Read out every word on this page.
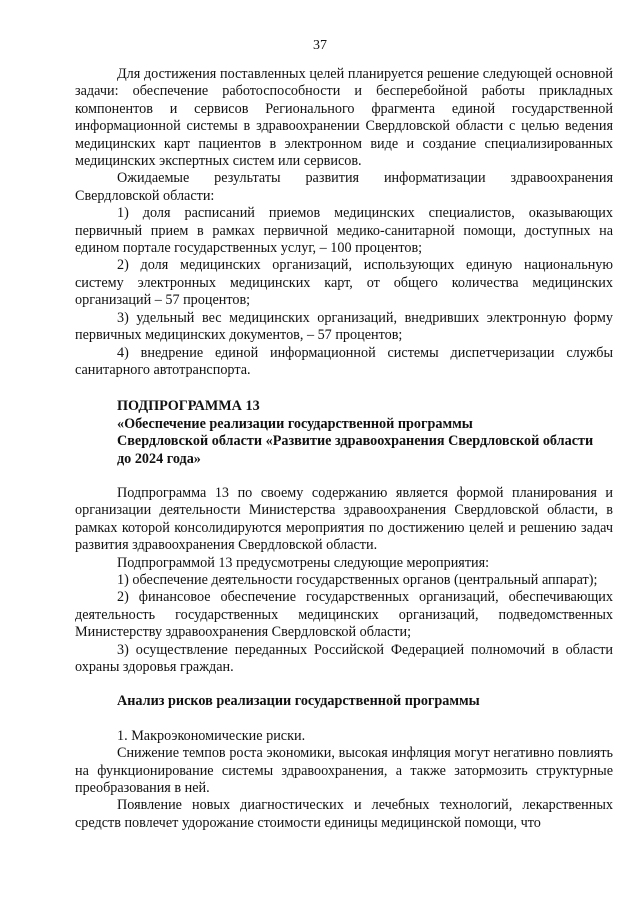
37

Для достижения поставленных целей планируется решение следующей основной задачи: обеспечение работоспособности и бесперебойной работы прикладных компонентов и сервисов Регионального фрагмента единой государственной информационной системы в здравоохранении Свердловской области с целью ведения медицинских карт пациентов в электронном виде и создание специализированных медицинских экспертных систем или сервисов.

Ожидаемые результаты развития информатизации здравоохранения Свердловской области:

1) доля расписаний приемов медицинских специалистов, оказывающих первичный прием в рамках первичной медико-санитарной помощи, доступных на едином портале государственных услуг, – 100 процентов;

2) доля медицинских организаций, использующих единую национальную систему электронных медицинских карт, от общего количества медицинских организаций – 57 процентов;

3) удельный вес медицинских организаций, внедривших электронную форму первичных медицинских документов, – 57 процентов;

4) внедрение единой информационной системы диспетчеризации службы санитарного автотранспорта.

ПОДПРОГРАММА 13

«Обеспечение реализации государственной программы

Свердловской области «Развитие здравоохранения Свердловской области

до 2024 года»

Подпрограмма 13 по своему содержанию является формой планирования и организации деятельности Министерства здравоохранения Свердловской области, в рамках которой консолидируются мероприятия по достижению целей и решению задач развития здравоохранения Свердловской области.

Подпрограммой 13 предусмотрены следующие мероприятия:

1) обеспечение деятельности государственных органов (центральный аппарат);

2) финансовое обеспечение государственных организаций, обеспечивающих деятельность государственных медицинских организаций, подведомственных Министерству здравоохранения Свердловской области;

3) осуществление переданных Российской Федерацией полномочий в области охраны здоровья граждан.

Анализ рисков реализации государственной программы

1. Макроэкономические риски.

Снижение темпов роста экономики, высокая инфляция могут негативно повлиять на функционирование системы здравоохранения, а также затормозить структурные преобразования в ней.

Появление новых диагностических и лечебных технологий, лекарственных средств повлечет удорожание стоимости единицы медицинской помощи, что
